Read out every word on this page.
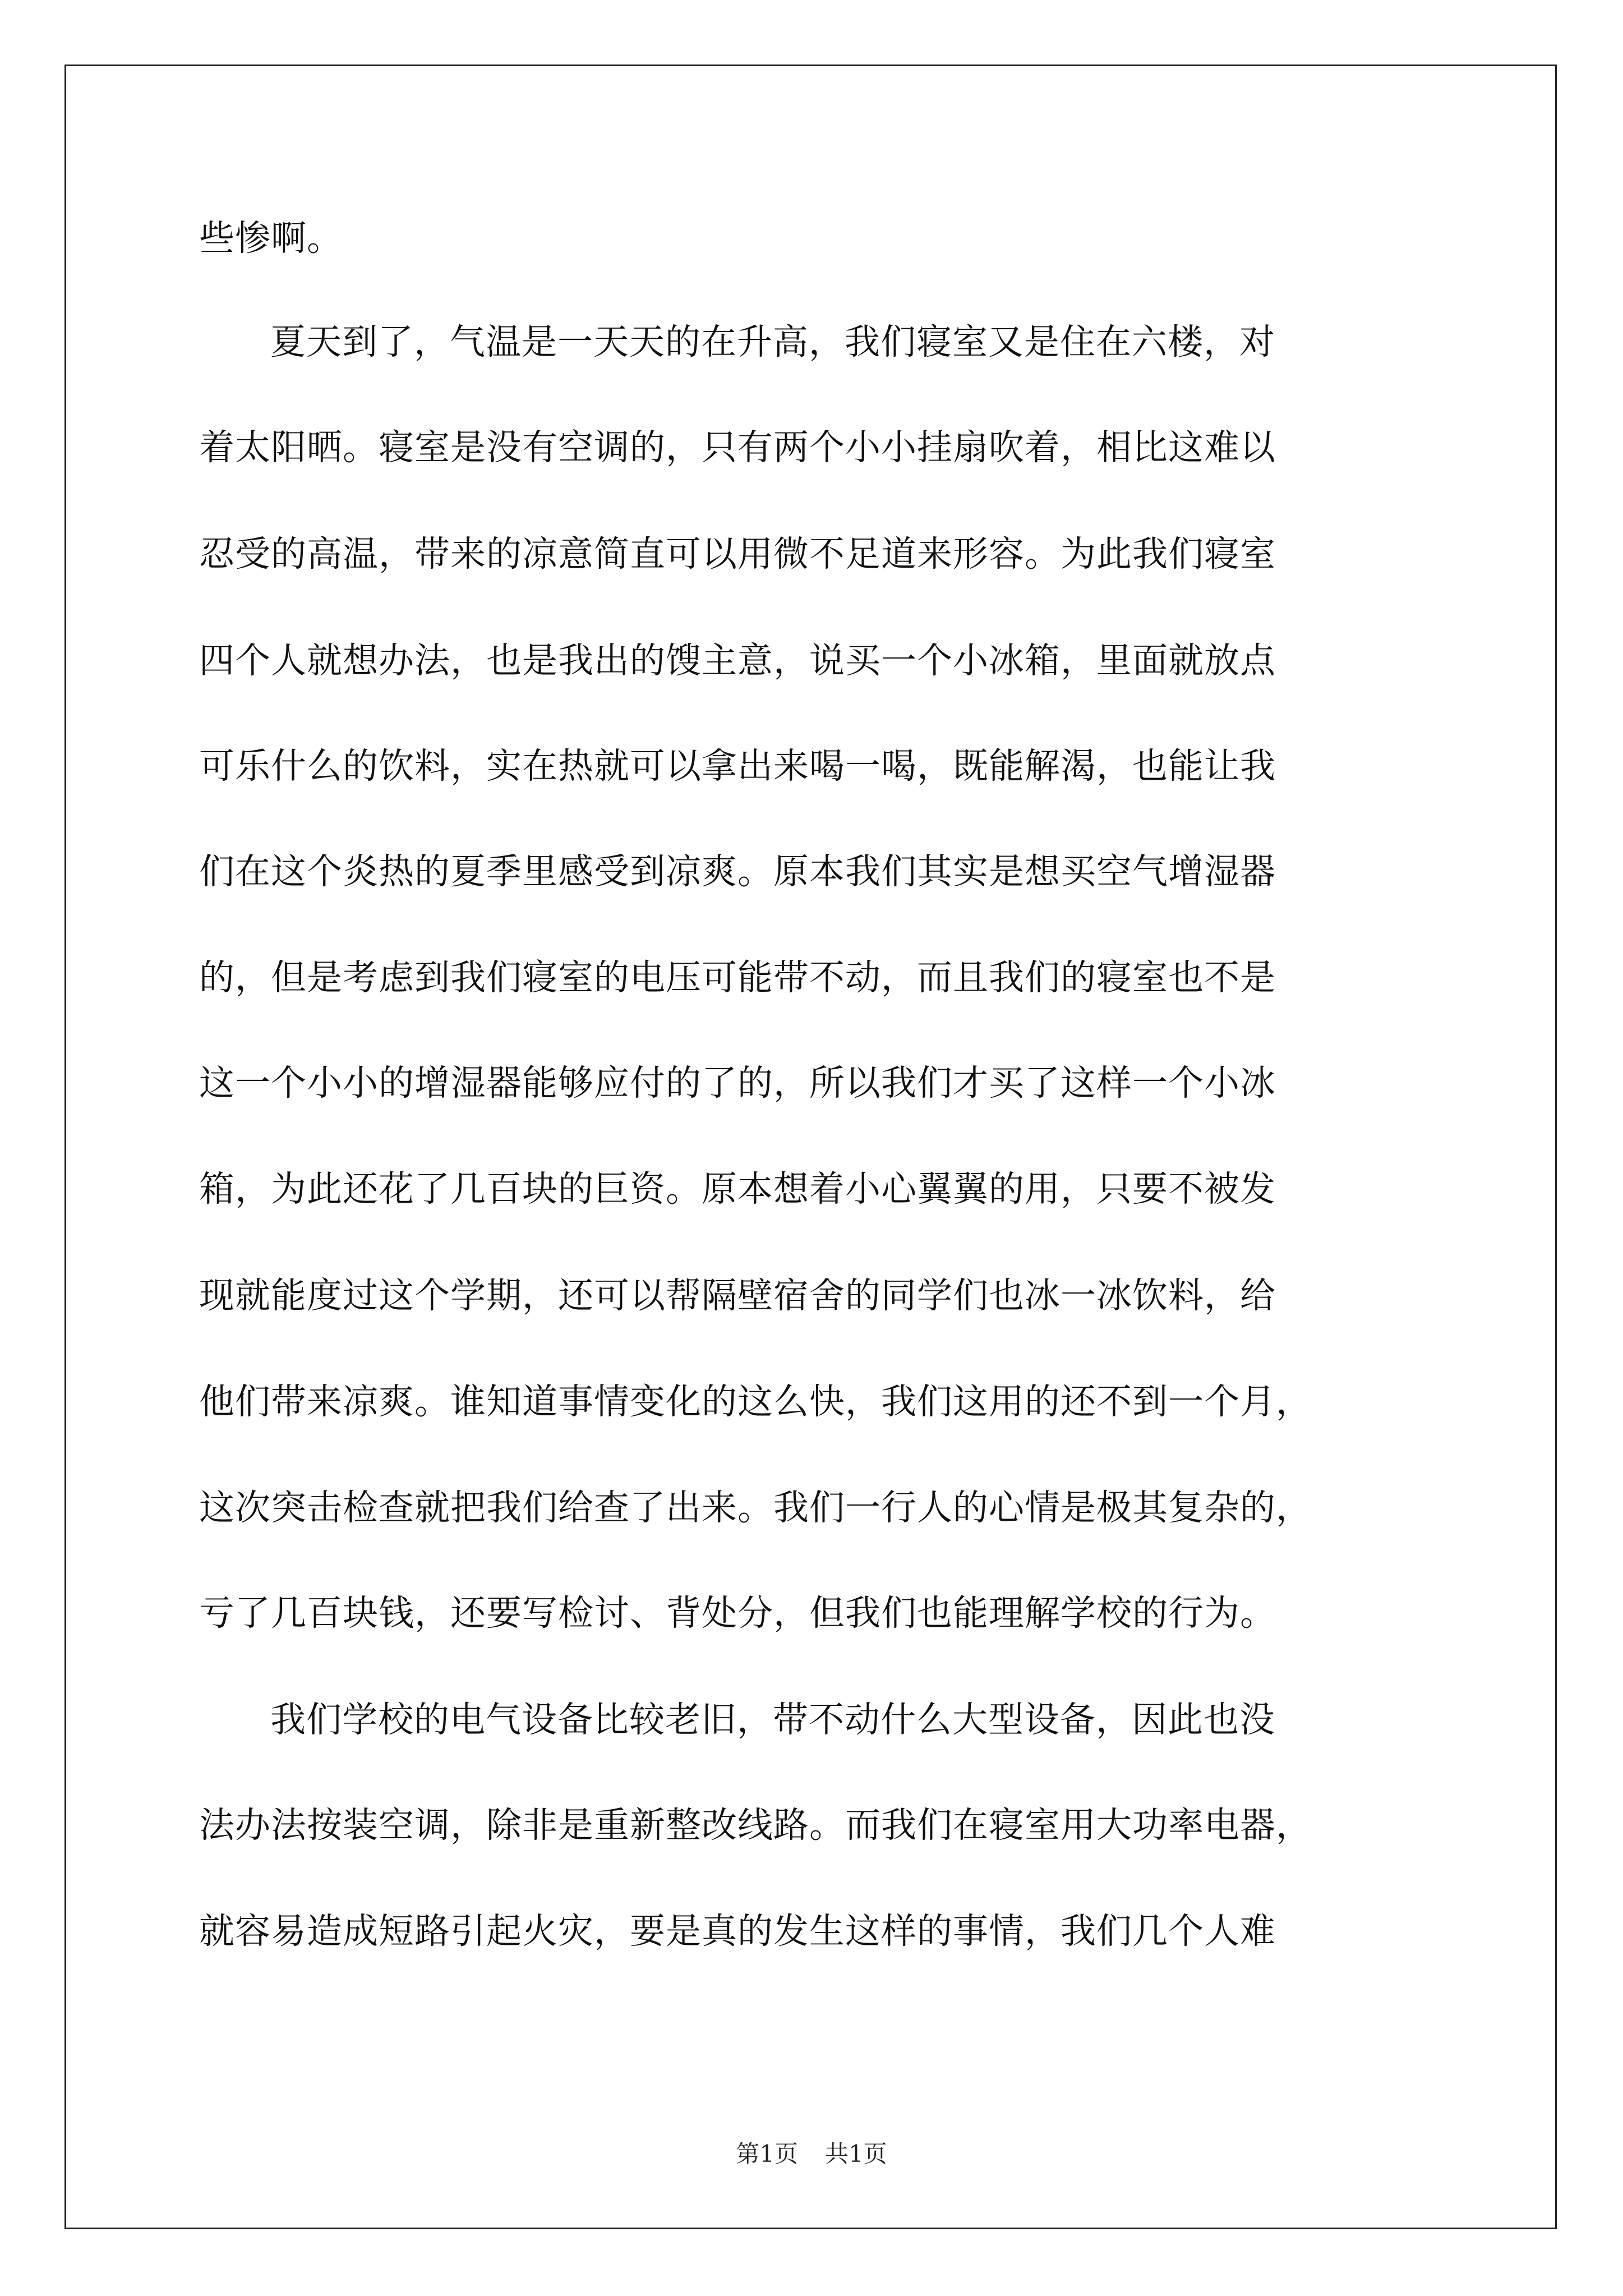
些惨啊。
夏天到了，气温是一天天的在升高，我们寝室又是住在六楼，对
着太阳晒。寝室是没有空调的，只有两个小小挂扇吹着，相比这难以
忍受的高温，带来的凉意简直可以用微不足道来形容。为此我们寝室
四个人就想办法，也是我出的馊主意，说买一个小冰箱，里面就放点
可乐什么的饮料，实在热就可以拿出来喝一喝，既能解渴，也能让我
们在这个炎热的夏季里感受到凉爽。原本我们其实是想买空气增湿器
的，但是考虑到我们寝室的电压可能带不动，而且我们的寝室也不是
这一个小小的增湿器能够应付的了的，所以我们才买了这样一个小冰
箱，为此还花了几百块的巨资。原本想着小心翼翼的用，只要不被发
现就能度过这个学期，还可以帮隔壁宿舍的同学们也冰一冰饮料，给
他们带来凉爽。谁知道事情变化的这么快，我们这用的还不到一个月，
这次突击检查就把我们给查了出来。我们一行人的心情是极其复杂的，
亏了几百块钱，还要写检讨、背处分，但我们也能理解学校的行为。
我们学校的电气设备比较老旧，带不动什么大型设备，因此也没
法办法按装空调，除非是重新整改线路。而我们在寝室用大功率电器，
就容易造成短路引起火灾，要是真的发生这样的事情，我们几个人难
第1页 共1页
